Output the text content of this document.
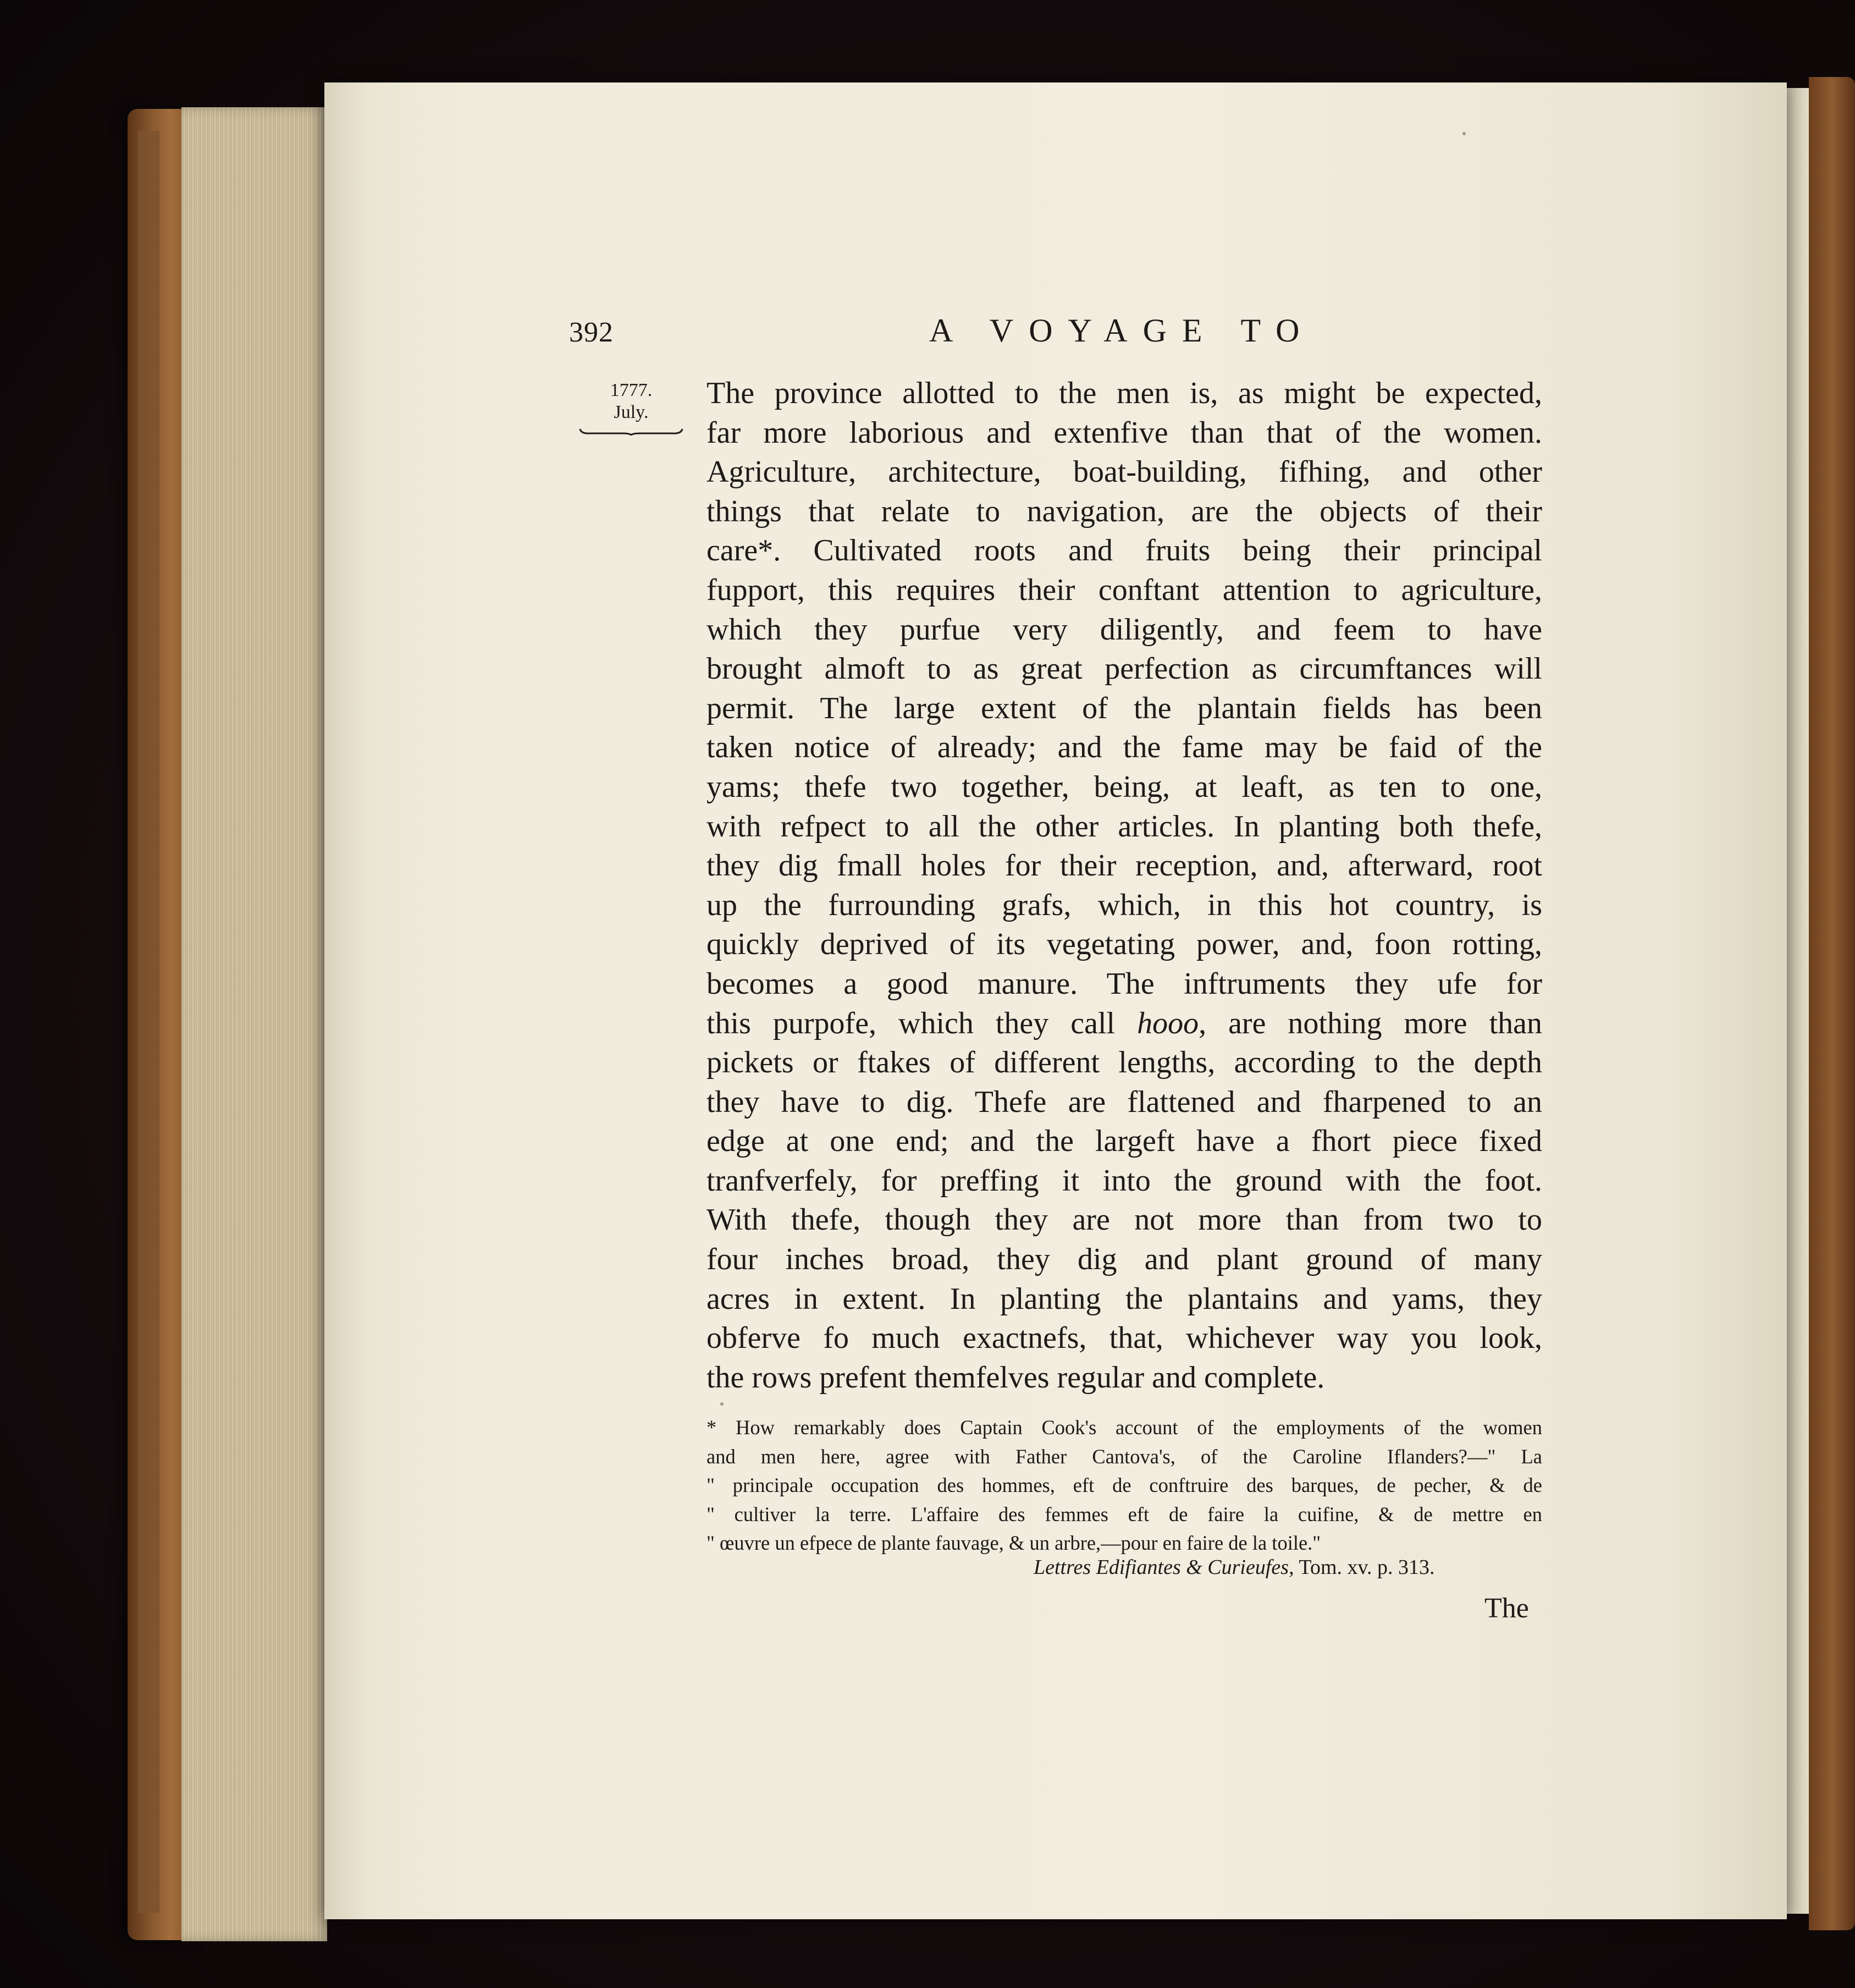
392	A VOYAGE TO
1777.
July.
The province allotted to the men is, as might be expected,
far more laborious and extenfive than that of the women.
Agriculture, architecture, boat-building, fifhing, and other
things that relate to navigation, are the objects of their
care*. Cultivated roots and fruits being their principal
fupport, this requires their conftant attention to agriculture,
which they purfue very diligently, and feem to have
brought almoft to as great perfection as circumftances will
permit. The large extent of the plantain fields has been
taken notice of already; and the fame may be faid of the
yams; thefe two together, being, at leaft, as ten to one,
with refpect to all the other articles. In planting both thefe,
they dig fmall holes for their reception, and, afterward, root
up the furrounding grafs, which, in this hot country, is
quickly deprived of its vegetating power, and, foon rotting,
becomes a good manure. The inftruments they ufe for
this purpofe, which they call hooo, are nothing more than
pickets or ftakes of different lengths, according to the depth
they have to dig. Thefe are flattened and fharpened to an
edge at one end; and the largeft have a fhort piece fixed
tranfverfely, for preffing it into the ground with the foot.
With thefe, though they are not more than from two to
four inches broad, they dig and plant ground of many
acres in extent. In planting the plantains and yams, they
obferve fo much exactnefs, that, whichever way you look,
the rows prefent themfelves regular and complete.
* How remarkably does Captain Cook's account of the employments of the women
and men here, agree with Father Cantova's, of the Caroline Iflanders?—" La
" principale occupation des hommes, eft de conftruire des barques, de pecher, & de
" cultiver la terre. L'affaire des femmes eft de faire la cuifine, & de mettre en
" œuvre un efpece de plante fauvage, & un arbre,—pour en faire de la toile."
Lettres Edifiantes & Curieufes, Tom. xv. p. 313.
The
